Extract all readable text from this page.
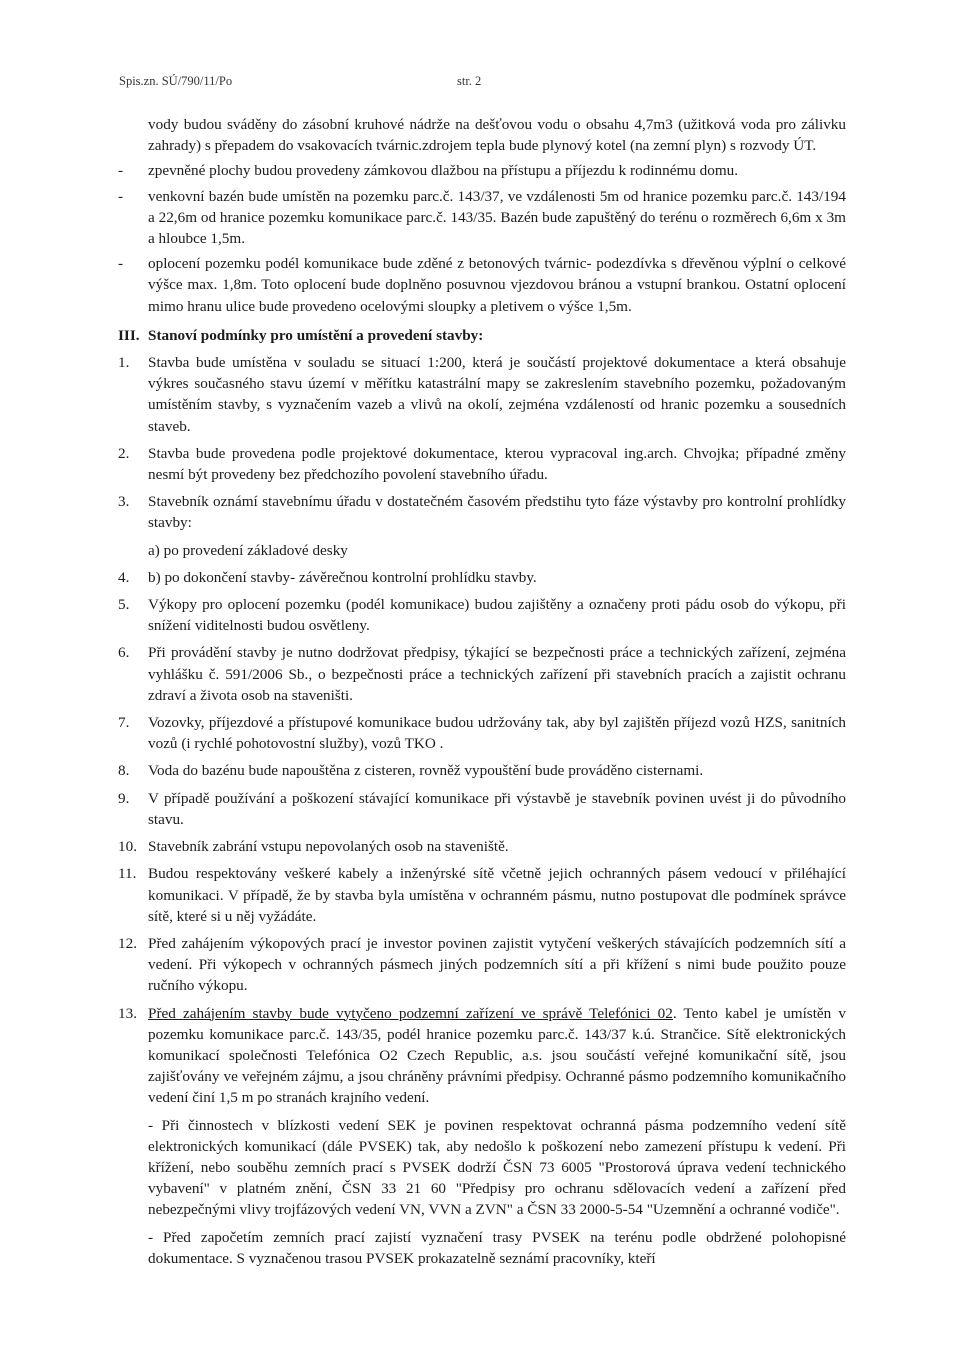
Spis.zn. SÚ/790/11/Po	str. 2

vody budou sváděny do zásobní kruhové nádrže na dešťovou vodu o obsahu 4,7m3 (užitková voda pro zálivku zahrady) s přepadem do vsakovacích tvárnic.zdrojem tepla bude plynový kotel (na zemní plyn) s rozvody ÚT.

- zpevněné plochy budou provedeny zámkovou dlažbou na přístupu a příjezdu k rodinnému domu.

- venkovní bazén bude umístěn na pozemku parc.č. 143/37, ve vzdálenosti 5m od hranice pozemku parc.č. 143/194 a 22,6m od hranice pozemku komunikace parc.č. 143/35. Bazén bude zapuštěný do terénu o rozměrech 6,6m x 3m a hloubce 1,5m.

- oplocení pozemku podél komunikace bude zděné z betonových tvárnic- podezdívka s dřevěnou výplní o celkové výšce max. 1,8m. Toto oplocení bude doplněno posuvnou vjezdovou bránou a vstupní brankou. Ostatní oplocení mimo hranu ulice bude provedeno ocelovými sloupky a pletivem o výšce 1,5m.

III. Stanoví podmínky pro umístění a provedení stavby:

1. Stavba bude umístěna v souladu se situací 1:200, která je součástí projektové dokumentace a která obsahuje výkres současného stavu území v měřítku katastrální mapy se zakreslením stavebního pozemku, požadovaným umístěním stavby, s vyznačením vazeb a vlivů na okolí, zejména vzdáleností od hranic pozemku a sousedních staveb.

2. Stavba bude provedena podle projektové dokumentace, kterou vypracoval ing.arch. Chvojka; případné změny nesmí být provedeny bez předchozího povolení stavebního úřadu.

3. Stavebník oznámí stavebnímu úřadu v dostatečném časovém předstihu tyto fáze výstavby pro kontrolní prohlídky stavby:

a) po provedení základové desky

4. b) po dokončení stavby- závěrečnou kontrolní prohlídku stavby.

5. Výkopy pro oplocení pozemku (podél komunikace) budou zajištěny a označeny proti pádu osob do výkopu, při snížení viditelnosti budou osvětleny.

6. Při provádění stavby je nutno dodržovat předpisy, týkající se bezpečnosti práce a technických zařízení, zejména vyhlášku č. 591/2006 Sb., o bezpečnosti práce a technických zařízení při stavebních pracích a zajistit ochranu zdraví a života osob na staveništi.

7. Vozovky, příjezdové a přístupové komunikace budou udržovány tak, aby byl zajištěn příjezd vozů HZS, sanitních vozů (i rychlé pohotovostní služby), vozů TKO .

8. Voda do bazénu bude napouštěna z cisteren, rovněž vypouštění bude prováděno cisternami.

9. V případě používání a poškození stávající komunikace při výstavbě je stavebník povinen uvést ji do původního stavu.

10. Stavebník zabrání vstupu nepovolaných osob na staveniště.

11. Budou respektovány veškeré kabely a inženýrské sítě včetně jejich ochranných pásem vedoucí v přiléhající komunikaci. V případě, že by stavba byla umístěna v ochranném pásmu, nutno postupovat dle podmínek správce sítě, které si u něj vyžádáte.

12. Před zahájením výkopových prací je investor povinen zajistit vytyčení veškerých stávajících podzemních sítí a vedení. Při výkopech v ochranných pásmech jiných podzemních sítí a při křížení s nimi bude použito pouze ručního výkopu.

13. Před zahájením stavby bude vytyčeno podzemní zařízení ve správě Telefónici 02. Tento kabel je umístěn v pozemku komunikace parc.č. 143/35, podél hranice pozemku parc.č. 143/37 k.ú. Strančice. Sítě elektronických komunikací společnosti Telefónica O2 Czech Republic, a.s. jsou součástí veřejné komunikační sítě, jsou zajišťovány ve veřejném zájmu, a jsou chráněny právními předpisy. Ochranné pásmo podzemního komunikačního vedení činí 1,5 m po stranách krajního vedení.

- Při činnostech v blízkosti vedení SEK je povinen respektovat ochranná pásma podzemního vedení sítě elektronických komunikací (dále PVSEK) tak, aby nedošlo k poškození nebo zamezení přístupu k vedení. Při křížení, nebo souběhu zemních prací s PVSEK dodrží ČSN 73 6005 "Prostorová úprava vedení technického vybavení" v platném znění, ČSN 33 21 60 "Předpisy pro ochranu sdělovacích vedení a zařízení před nebezpečnými vlivy trojfázových vedení VN, VVN a ZVN" a ČSN 33 2000-5-54 "Uzemnění a ochranné vodiče".

- Před započetím zemních prací zajistí vyznačení trasy PVSEK na terénu podle obdržené polohopisné dokumentace. S vyznačenou trasou PVSEK prokazatelně seznámí pracovníky, kteří
